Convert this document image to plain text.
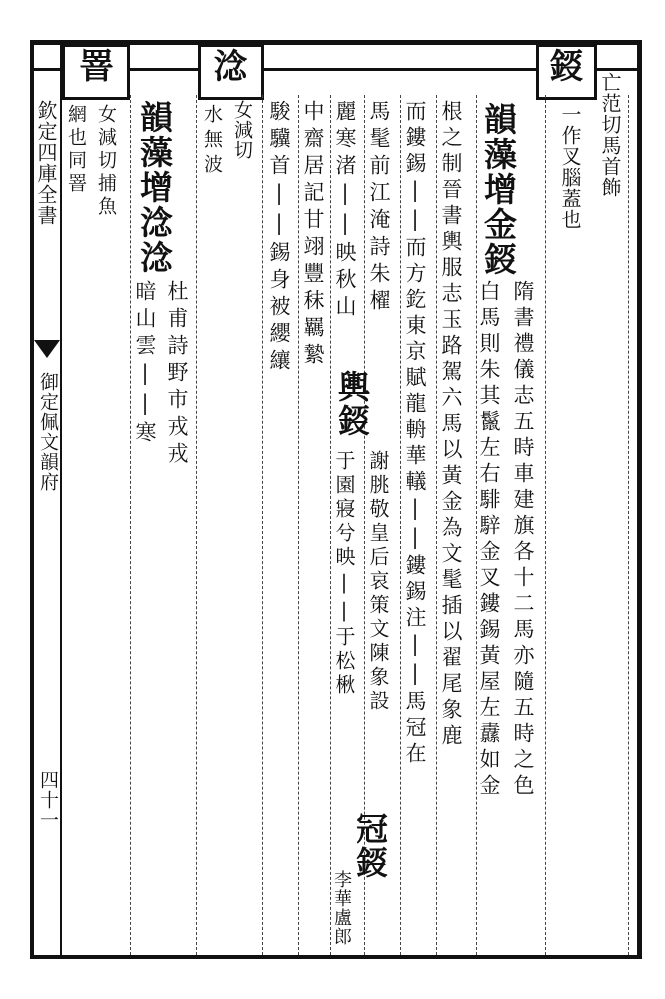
欽定四庫全書
御定佩文韻府
四十一
鋄
亡范切馬首飾
一作叉腦蓋也
韻藻增金鋄
隋書禮儀志五時車建旗各十二馬亦隨五時之色
白馬則朱其鬣左右騑騂金叉鏤錫黃屋左纛如金
根之制晉書輿服志玉路駕六馬以黃金為文髦插以翟尾象鹿
而鏤錫||而方釳東京賦龍輈華轙||鏤錫注||馬冠在
馬髦前江淹詩朱櫂
輿鋄
謝朓敬皇后哀策文陳象設
麗寒渚||映秋山
于園寢兮映||于松楸
冠鋄
李華盧郎
中齋居記甘翊豐秣羈縶
駿驥首||錫身被纓纕
淰
女減切
水無波
韻藻增淰淰
杜甫詩野市戎戎
暗山雲||寒
罯
女減切捕魚
網也同罯
